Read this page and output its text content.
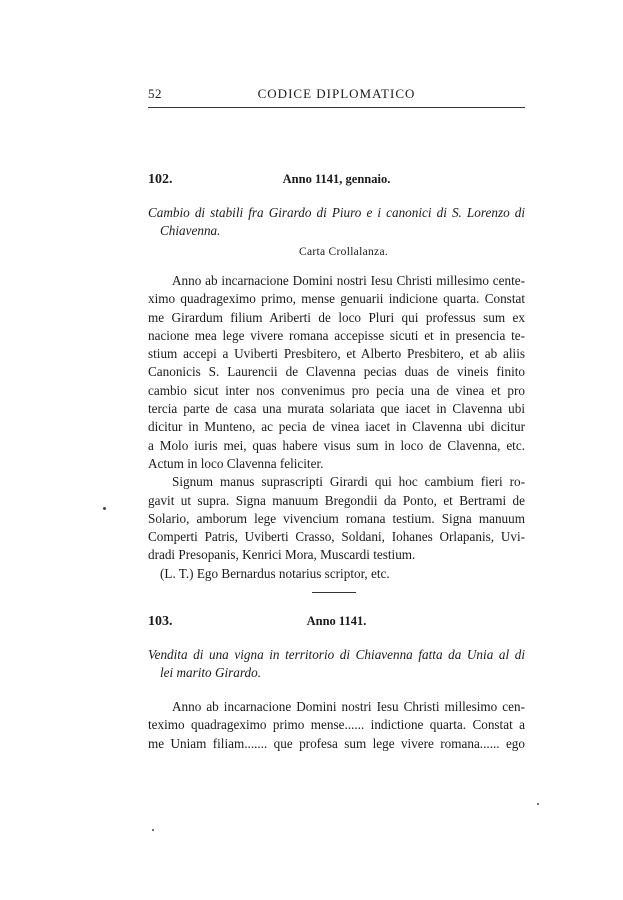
52	CODICE DIPLOMATICO
102.	Anno 1141, gennaio.
Cambio di stabili fra Girardo di Piuro e i canonici di S. Lorenzo di
Chiavenna.
Carta Crollalanza.
Anno ab incarnacione Domini nostri Iesu Christi millesimo cente-
ximo quadrageximo primo, mense genuarii indicione quarta. Constat
me Girardum filium Ariberti de loco Pluri qui professus sum ex
nacione mea lege vivere romana accepisse sicuti et in presencia te-
stium accepi a Uviberti Presbitero, et Alberto Presbitero, et ab aliis
Canonicis S. Laurencii de Clavenna pecias duas de vineis finito
cambio sicut inter nos convenimus pro pecia una de vinea et pro
tercia parte de casa una murata solariata que iacet in Clavenna ubi
dicitur in Munteno, ac pecia de vinea iacet in Clavenna ubi dicitur
a Molo iuris mei, quas habere visus sum in loco de Clavenna, etc.
Actum in loco Clavenna feliciter.
Signum manus suprascripti Girardi qui hoc cambium fieri ro-
gavit ut supra. Signa manuum Bregondii da Ponto, et Bertrami de
Solario, amborum lege vivencium romana testium. Signa manuum
Comperti Patris, Uviberti Crasso, Soldani, Iohanes Orlapanis, Uvi-
dradi Presopanis, Kenrici Mora, Muscardi testium.
(L. T.) Ego Bernardus notarius scriptor, etc.
103.	Anno 1141.
Vendita di una vigna in territorio di Chiavenna fatta da Unia al di
lei marito Girardo.
Anno ab incarnacione Domini nostri Iesu Christi millesimo cen-
teximo quadrageximo primo mense...... indictione quarta. Constat a
me Uniam filiam....... que profesa sum lege vivere romana...... ego
